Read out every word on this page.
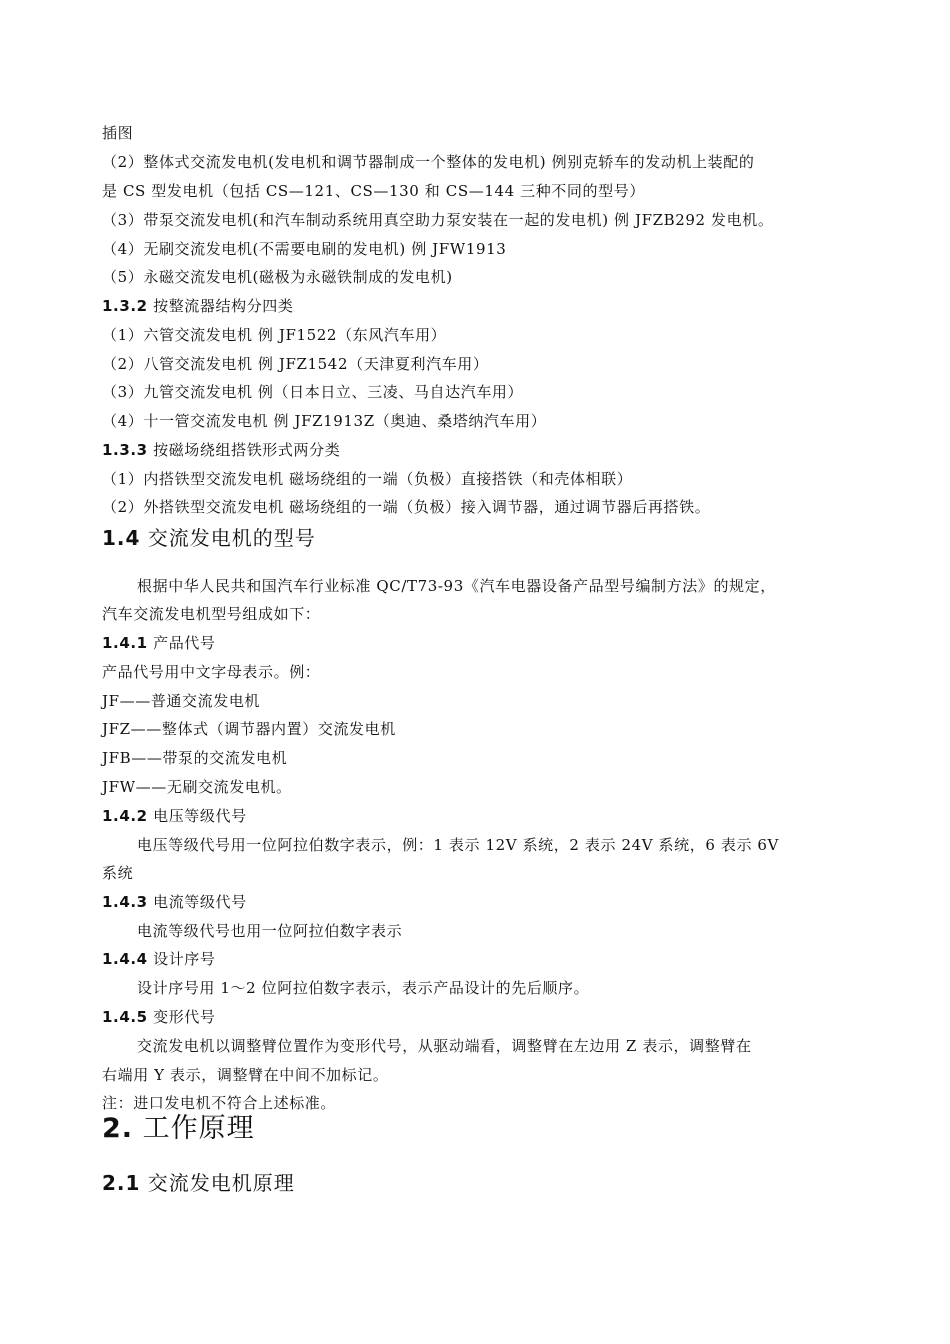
插图
（2）整体式交流发电机(发电机和调节器制成一个整体的发电机) 例别克轿车的发动机上装配的
是 CS 型发电机（包括 CS—121、CS—130 和 CS—144 三种不同的型号）
（3）带泵交流发电机(和汽车制动系统用真空助力泵安装在一起的发电机) 例 JFZB292 发电机。
（4）无刷交流发电机(不需要电刷的发电机) 例 JFW1913
（5）永磁交流发电机(磁极为永磁铁制成的发电机)
1.3.2 按整流器结构分四类
（1）六管交流发电机 例 JF1522（东风汽车用）
（2）八管交流发电机 例 JFZ1542（天津夏利汽车用）
（3）九管交流发电机 例（日本日立、三凌、马自达汽车用）
（4）十一管交流发电机 例 JFZ1913Z（奥迪、桑塔纳汽车用）
1.3.3 按磁场绕组搭铁形式两分类
（1）内搭铁型交流发电机 磁场绕组的一端（负极）直接搭铁（和壳体相联）
（2）外搭铁型交流发电机 磁场绕组的一端（负极）接入调节器，通过调节器后再搭铁。
1.4 交流发电机的型号
根据中华人民共和国汽车行业标准 QC/T73-93《汽车电器设备产品型号编制方法》的规定，
汽车交流发电机型号组成如下：
1.4.1 产品代号
产品代号用中文字母表示。例：
JF——普通交流发电机
JFZ——整体式（调节器内置）交流发电机
JFB——带泵的交流发电机
JFW——无刷交流发电机。
1.4.2 电压等级代号
电压等级代号用一位阿拉伯数字表示，例：1 表示 12V 系统，2 表示 24V 系统，6 表示 6V
系统
1.4.3 电流等级代号
电流等级代号也用一位阿拉伯数字表示
1.4.4 设计序号
设计序号用 1～2 位阿拉伯数字表示，表示产品设计的先后顺序。
1.4.5 变形代号
交流发电机以调整臂位置作为变形代号，从驱动端看，调整臂在左边用 Z 表示，调整臂在
右端用 Y 表示，调整臂在中间不加标记。
注：进口发电机不符合上述标准。
2. 工作原理
2.1 交流发电机原理
